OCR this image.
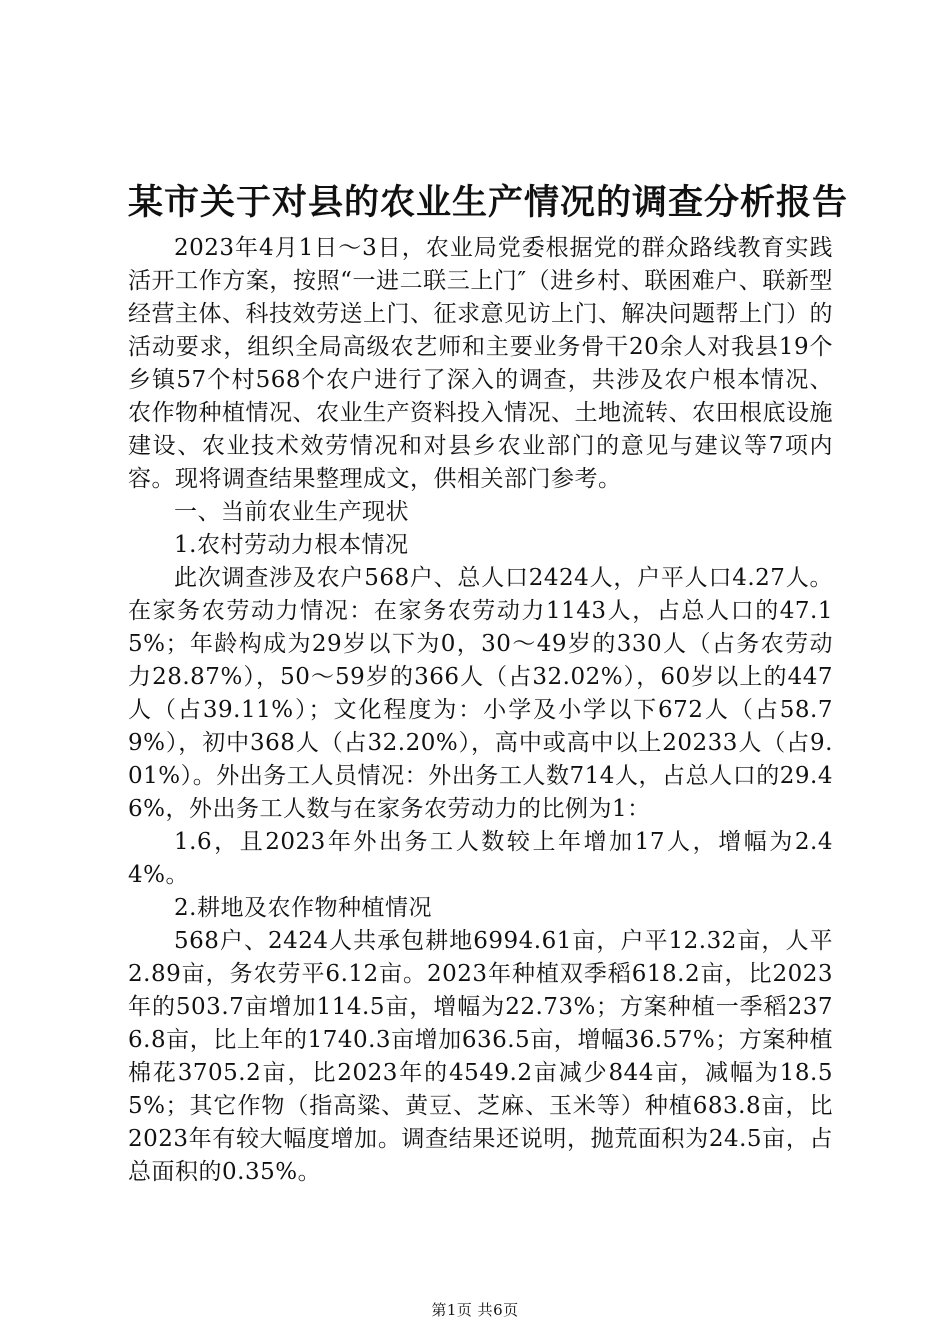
某市关于对县的农业生产情况的调查分析报告

2023年4月1日～3日，农业局党委根据党的群众路线教育实践活开工作方案，按照“一进二联三上门″（进乡村、联困难户、联新型经营主体、科技效劳送上门、征求意见访上门、解决问题帮上门）的活动要求，组织全局高级农艺师和主要业务骨干20余人对我县19个乡镇57个村568个农户进行了深入的调查，共涉及农户根本情况、农作物种植情况、农业生产资料投入情况、土地流转、农田根底设施建设、农业技术效劳情况和对县乡农业部门的意见与建议等7项内容。现将调查结果整理成文，供相关部门参考。

一、当前农业生产现状

1.农村劳动力根本情况

此次调查涉及农户568户、总人口2424人，户平人口4.27人。在家务农劳动力情况：在家务农劳动力1143人，占总人口的47.15%；年龄构成为29岁以下为0，30～49岁的330人（占务农劳动力28.87%），50～59岁的366人（占32.02%），60岁以上的447人（占39.11%）；文化程度为：小学及小学以下672人（占58.79%），初中368人（占32.20%），高中或高中以上20233人（占9.01%）。外出务工人员情况：外出务工人数714人，占总人口的29.46%，外出务工人数与在家务农劳动力的比例为1：

1.6，且2023年外出务工人数较上年增加17人，增幅为2.44%。

2.耕地及农作物种植情况

568户、2424人共承包耕地6994.61亩，户平12.32亩，人平2.89亩，务农劳平6.12亩。2023年种植双季稻618.2亩，比2023年的503.7亩增加114.5亩，增幅为22.73%；方案种植一季稻2376.8亩，比上年的1740.3亩增加636.5亩，增幅36.57%；方案种植棉花3705.2亩，比2023年的4549.2亩减少844亩，减幅为18.55%；其它作物（指高粱、黄豆、芝麻、玉米等）种植683.8亩，比2023年有较大幅度增加。调查结果还说明，抛荒面积为24.5亩，占总面积的0.35%。

第1页 共6页
